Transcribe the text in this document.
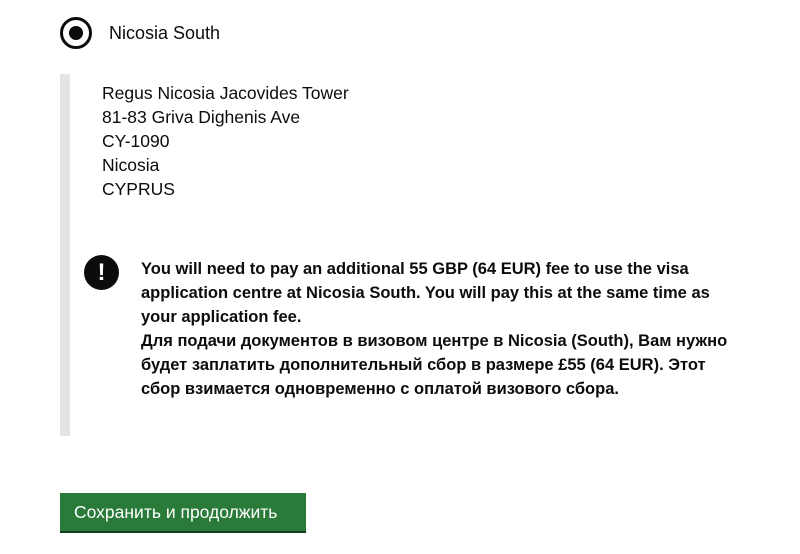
Nicosia South
Regus Nicosia Jacovides Tower
81-83 Griva Dighenis Ave
CY-1090
Nicosia
CYPRUS
!	You will need to pay an additional 55 GBP (64 EUR) fee to use the visa application centre at Nicosia South. You will pay this at the same time as your application fee.

Для подачи документов в визовом центре в Nicosia (South), Вам нужно будет заплатить дополнительный сбор в размере £55 (64 EUR). Этот сбор взимается одновременно с оплатой визового сбора.

Сохранить и продолжить
